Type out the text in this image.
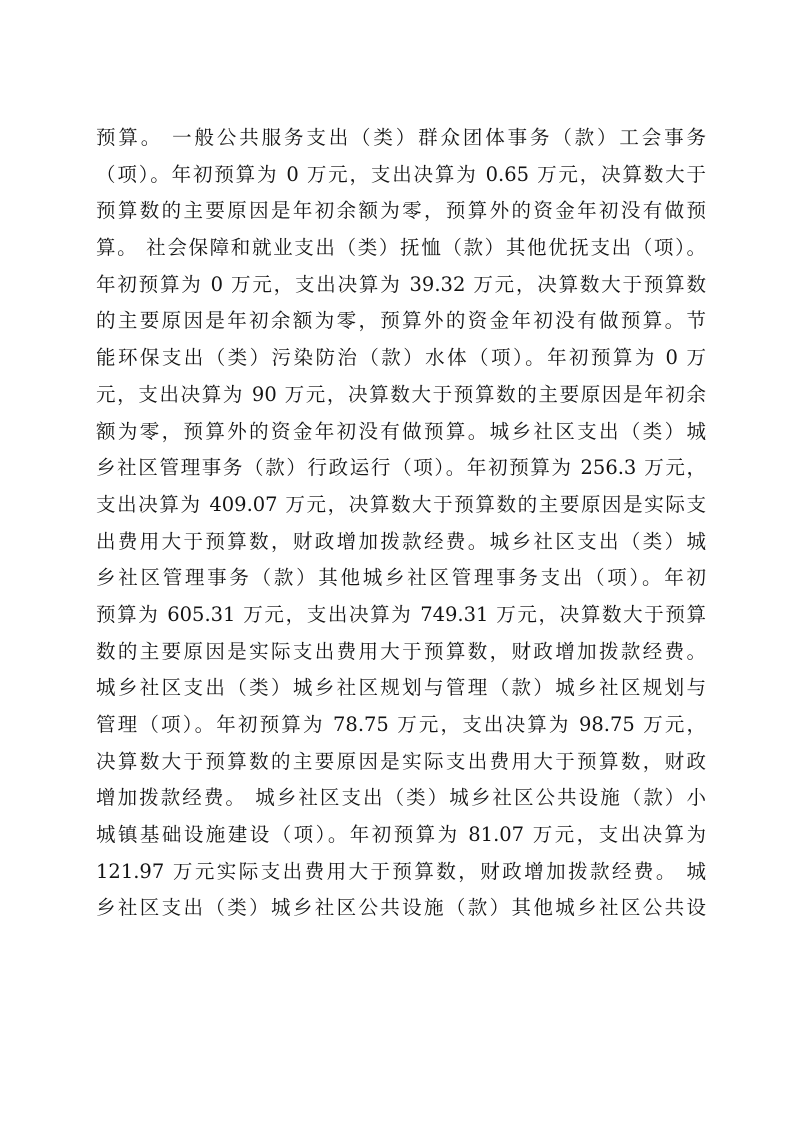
预算。 一般公共服务支出（类）群众团体事务（款）工会事务
（项）。年初预算为 0 万元，支出决算为 0.65 万元，决算数大于
预算数的主要原因是年初余额为零，预算外的资金年初没有做预
算。 社会保障和就业支出（类）抚恤（款）其他优抚支出（项）。
年初预算为 0 万元，支出决算为 39.32 万元，决算数大于预算数
的主要原因是年初余额为零，预算外的资金年初没有做预算。节
能环保支出（类）污染防治（款）水体（项）。年初预算为 0 万
元，支出决算为 90 万元，决算数大于预算数的主要原因是年初余
额为零，预算外的资金年初没有做预算。城乡社区支出（类）城
乡社区管理事务（款）行政运行（项）。年初预算为 256.3 万元，
支出决算为 409.07 万元，决算数大于预算数的主要原因是实际支
出费用大于预算数，财政增加拨款经费。城乡社区支出（类）城
乡社区管理事务（款）其他城乡社区管理事务支出（项）。年初
预算为 605.31 万元，支出决算为 749.31 万元，决算数大于预算
数的主要原因是实际支出费用大于预算数，财政增加拨款经费。
城乡社区支出（类）城乡社区规划与管理（款）城乡社区规划与
管理（项）。年初预算为 78.75 万元，支出决算为 98.75 万元，
决算数大于预算数的主要原因是实际支出费用大于预算数，财政
增加拨款经费。 城乡社区支出（类）城乡社区公共设施（款）小
城镇基础设施建设（项）。年初预算为 81.07 万元，支出决算为
121.97 万元实际支出费用大于预算数，财政增加拨款经费。 城
乡社区支出（类）城乡社区公共设施（款）其他城乡社区公共设
